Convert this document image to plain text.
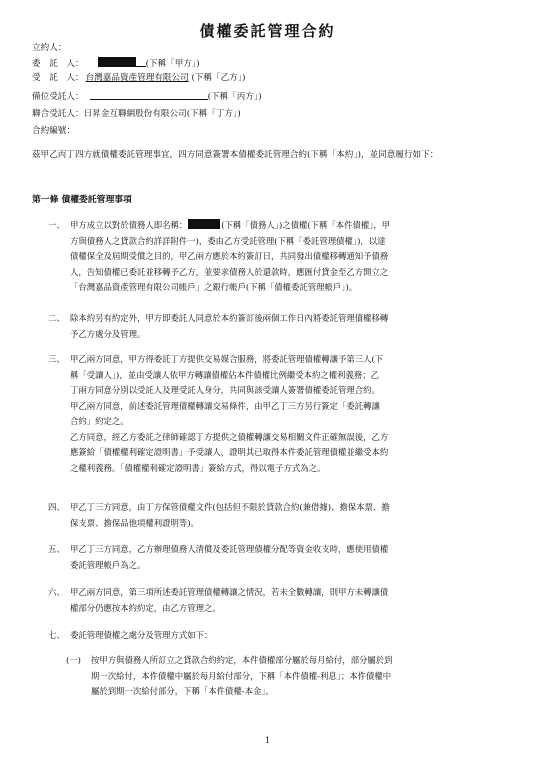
債權委託管理合約
立約人：
委　託　人：	(下稱「甲方」)
受　託　人： 台灣嘉品資產管理有限公司 (下稱「乙方」)
備位受託人：	(下稱「丙方」)
聯合受託人：日昇金互聯網股份有限公司(下稱「丁方」)
合約編號：
茲甲乙丙丁四方就債權委託管理事宜，四方同意簽署本債權委託管理合約(下稱「本約」)，並同意履行如下：
第一條 債權委託管理事項
一、 甲方成立以對於債務人即名稱：	(下稱「債務人」)之債權(下稱「本件債權」，甲
方與債務人之貸款合約詳詳附件一)，委由乙方受託管理(下稱「委託管理債權」)，以達
債權保全及屆期受償之目的，甲乙兩方應於本約簽訂日，共同發出債權移轉通知予債務
人，告知債權已委託並移轉予乙方，並要求債務人於還款時，應匯付貸金至乙方開立之
「台灣嘉品資產管理有限公司帳戶」之銀行帳戶(下稱「債權委託管理帳戶」)。
二、 除本約另有約定外，甲方即委託人同意於本約簽訂後兩個工作日內將委託管理債權移轉
予乙方處分及管理。
三、 甲乙兩方同意，甲方得委託丁方提供交易媒合服務，將委託管理債權轉讓予第三人(下
稱「受讓人」)，並由受讓人依甲方轉讓債權佔本件債權比例繼受本約之權利義務；乙
丁兩方同意分別以受託人及理受託人身分，共同與該受讓人簽署債權委託管理合約。
甲乙兩方同意，前述委託管理債權轉讓交易條件，由甲乙丁三方另行簽定「委託轉讓
合約」約定之。
乙方同意，經乙方委託之律師確認丁方提供之債權轉讓交易相關文件正確無誤後，乙方
應簽給「債權權利確定證明書」予受讓人，證明其已取得本件委託管理債權並繼受本約
之權利義務。「債權權利確定證明書」簽給方式，得以電子方式為之。
四、 甲乙丁三方同意，由丁方保管債權文件(包括但不限於貸款合約(兼借據)、擔保本票、擔
保支票、擔保品他項權利證明等)。
五、 甲乙丁三方同意，乙方辦理債務人清償及委託管理債權分配等資金收支時，應使用債權
委託管理帳戶為之。
六、 甲乙兩方同意，第三項所述委託管理債權轉讓之情況，若未全數轉讓，則甲方未轉讓債
權部分仍應按本約約定，由乙方管理之。
七、 委託管理債權之處分及管理方式如下：
(一) 按甲方與債務人所訂立之貸款合約約定，本件債權部分屬於每月給付，部分屬於到
期一次給付，本件債權中屬於每月給付部分，下稱「本件債權-利息」；本件債權中
屬於到期一次給付部分，下稱「本件債權-本金」。
1
